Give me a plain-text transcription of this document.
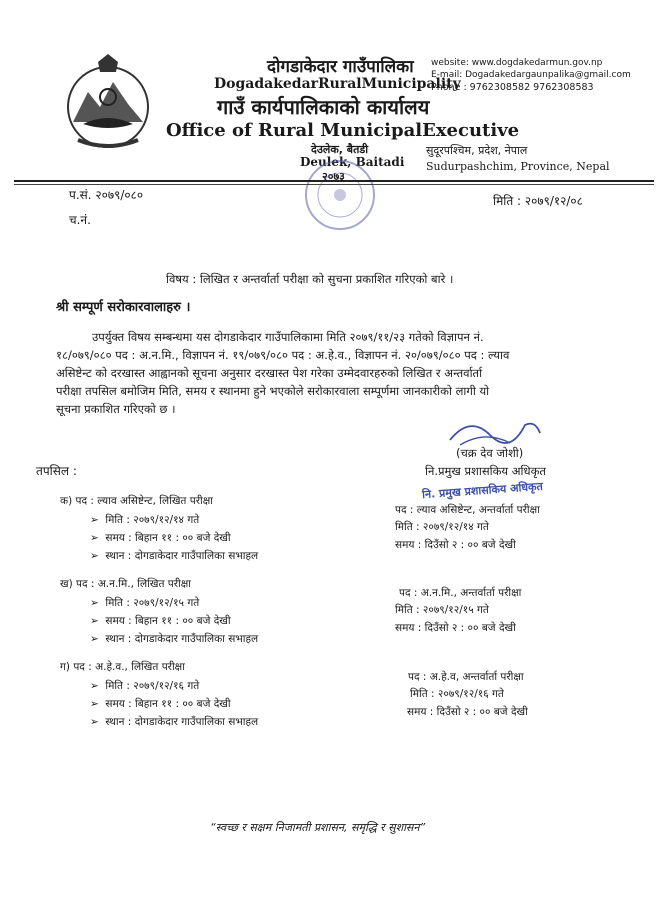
दोगडाकेदार गाउँपालिका
DogadakedarRuralMunicipality
गाउँ कार्यपालिकाको कार्यालय
Office of Rural MunicipalExecutive
देउलेक, बैतडी
Deulek, Baitadi
२०७३
सुदूरपश्चिम, प्रदेश, नेपाल
Sudurpashchim, Province, Nepal
website: www.dogdakedarmun.gov.np
E-mail: Dogadakedargaunpalika@gmail.com
Phone : 9762308582 9762308583
प.सं. २०७९/०८०
च.नं.
मिति : २०७९/१२/०८
विषय : लिखित र अन्तर्वार्ता परीक्षा को सुचना प्रकाशित गरिएको बारे ।
श्री सम्पूर्ण सरोकारवालाहरु ।
उपर्युक्त विषय सम्बन्धमा यस दोगडाकेदार गाउँपालिकामा मिति २०७९/११/२३ गतेको विज्ञापन नं.
१८/०७९/०८० पद : अ.न.मि., विज्ञापन नं. १९/०७९/०८० पद : अ.हे.व., विज्ञापन नं. २०/०७९/०८० पद : ल्याव
असिष्टेन्ट को दरखास्त आह्वानको सूचना अनुसार दरखास्त पेश गरेका उम्मेदवारहरुको लिखित र अन्तर्वार्ता
परीक्षा तपसिल बमोजिम मिति, समय र स्थानमा हुने भएकोले सरोकारवाला सम्पूर्णमा जानकारीको लागी यो
सूचना प्रकाशित गरिएको छ ।
(चक्र देव जोशी)
नि.प्रमुख प्रशासकिय अधिकृत
नि. प्रमुख प्रशासकिय अधिकृत
तपसिल :
क) पद : ल्याव असिष्टेन्ट, लिखित परीक्षा
➢ मिति : २०७९/१२/१४ गते
➢ समय : बिहान ११ : ०० बजे देखी
➢ स्थान : दोगडाकेदार गाउँपालिका सभाहल
ख) पद : अ.न.मि., लिखित परीक्षा
➢ मिति : २०७९/१२/१५ गते
➢ समय : बिहान ११ : ०० बजे देखी
➢ स्थान : दोगडाकेदार गाउँपालिका सभाहल
ग) पद : अ.हे.व., लिखित परीक्षा
➢ मिति : २०७९/१२/१६ गते
➢ समय : बिहान ११ : ०० बजे देखी
➢ स्थान : दोगडाकेदार गाउँपालिका सभाहल
पद : ल्याव असिष्टेन्ट, अन्तर्वार्ता परीक्षा
मिति : २०७९/१२/१४ गते
समय : दिउँसो २ : ०० बजे देखी
पद : अ.न.मि., अन्तर्वार्ता परीक्षा
मिति : २०७९/१२/१५ गते
समय : दिउँसो २ : ०० बजे देखी
पद : अ.हे.व, अन्तर्वार्ता परीक्षा
मिति : २०७९/१२/१६ गते
समय : दिउँसो २ : ०० बजे देखी
“स्वच्छ र सक्षम निजामती प्रशासन, समृद्धि र सुशासन”
